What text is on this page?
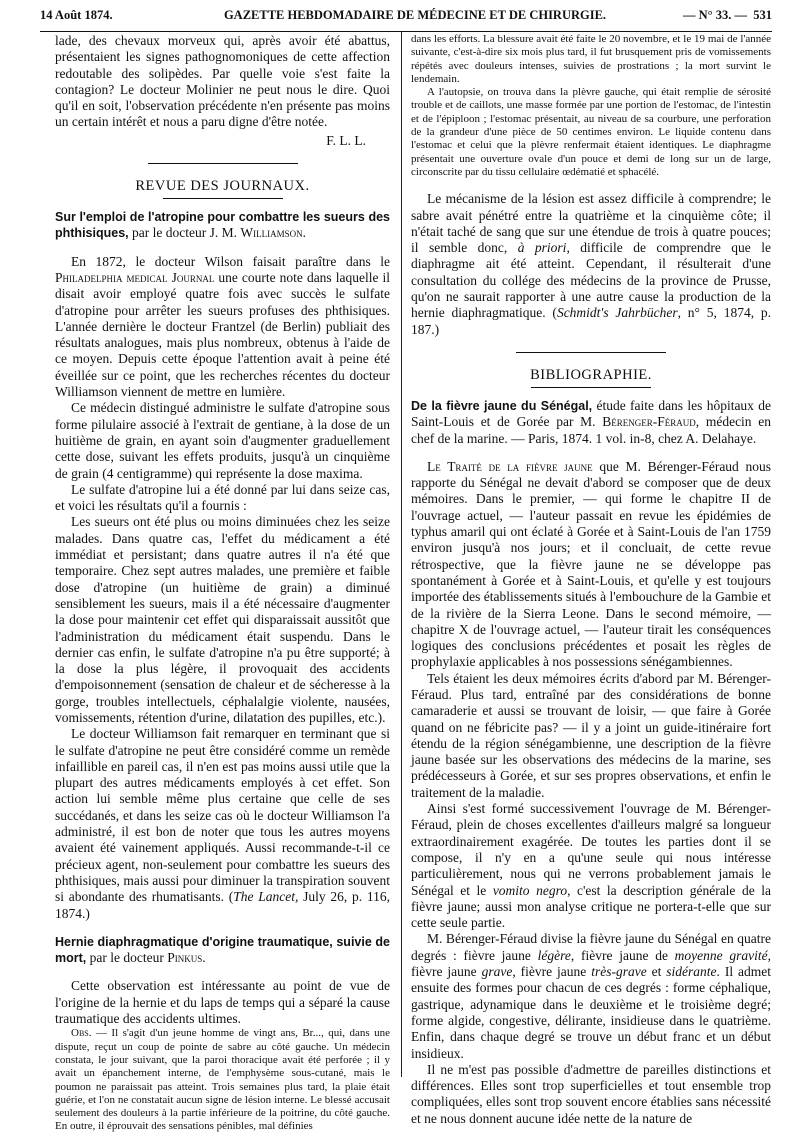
14 Août 1874.	GAZETTE HEBDOMADAIRE DE MÉDECINE ET DE CHIRURGIE.	— N° 33. — 531

lade, des chevaux morveux qui, après avoir été abattus, présentaient les signes pathognomoniques de cette affection redoutable des solipèdes. Par quelle voie s'est faite la contagion? Le docteur Molinier ne peut nous le dire. Quoi qu'il en soit, l'observation précédente n'en présente pas moins un certain intérêt et nous a paru digne d'être notée.

F. L. L.

REVUE DES JOURNAUX.

Sur l'emploi de l'atropine pour combattre les sueurs des phthisiques, par le docteur J. M. Williamson.

En 1872, le docteur Wilson faisait paraître dans le Philadelphia medical Journal une courte note dans laquelle il disait avoir employé quatre fois avec succès le sulfate d'atropine pour arrêter les sueurs profuses des phthisiques. L'année dernière le docteur Frantzel (de Berlin) publiait des résultats analogues, mais plus nombreux, obtenus à l'aide de ce moyen. Depuis cette époque l'attention avait à peine été éveillée sur ce point, que les recherches récentes du docteur Williamson viennent de mettre en lumière.

Ce médecin distingué administre le sulfate d'atropine sous forme pilulaire associé à l'extrait de gentiane, à la dose de un huitième de grain, en ayant soin d'augmenter graduellement cette dose, suivant les effets produits, jusqu'à un cinquième de grain (4 centigramme) qui représente la dose maxima.

Le sulfate d'atropine lui a été donné par lui dans seize cas, et voici les résultats qu'il a fournis :

Les sueurs ont été plus ou moins diminuées chez les seize malades. Dans quatre cas, l'effet du médicament a été immédiat et persistant; dans quatre autres il n'a été que temporaire. Chez sept autres malades, une première et faible dose d'atropine (un huitième de grain) a diminué sensiblement les sueurs, mais il a été nécessaire d'augmenter la dose pour maintenir cet effet qui disparaissait aussitôt que l'administration du médicament était suspendu. Dans le dernier cas enfin, le sulfate d'atropine n'a pu être supporté; à la dose la plus légère, il provoquait des accidents d'empoisonnement (sensation de chaleur et de sécheresse à la gorge, troubles intellectuels, céphalalgie violente, nausées, vomissements, rétention d'urine, dilatation des pupilles, etc.).

Le docteur Williamson fait remarquer en terminant que si le sulfate d'atropine ne peut être considéré comme un remède infaillible en pareil cas, il n'en est pas moins aussi utile que la plupart des autres médicaments employés à cet effet. Son action lui semble même plus certaine que celle de ses succédanés, et dans les seize cas où le docteur Williamson l'a administré, il est bon de noter que tous les autres moyens avaient été vainement appliqués. Aussi recommande-t-il ce précieux agent, non-seulement pour combattre les sueurs des phthisiques, mais aussi pour diminuer la transpiration souvent si abondante des rhumatisants. (The Lancet, July 26, p. 116, 1874.)

Hernie diaphragmatique d'origine traumatique, suivie de mort, par le docteur Pinkus.

Cette observation est intéressante au point de vue de l'origine de la hernie et du laps de temps qui a séparé la cause traumatique des accidents ultimes.

Obs. — Il s'agit d'un jeune homme de vingt ans, Br..., qui, dans une dispute, reçut un coup de pointe de sabre au côté gauche. Un médecin constata, le jour suivant, que la paroi thoracique avait été perforée ; il y avait un épanchement interne, de l'emphysème sous-cutané, mais le poumon ne paraissait pas atteint. Trois semaines plus tard, la plaie était guérie, et l'on ne constatait aucun signe de lésion interne. Le blessé accusait seulement des douleurs à la partie inférieure de la poitrine, du côté gauche. En outre, il éprouvait des sensations pénibles, mal définies

dans les efforts. La blessure avait été faite le 20 novembre, et le 19 mai de l'année suivante, c'est-à-dire six mois plus tard, il fut brusquement pris de vomissements répétés avec douleurs intenses, suivies de prostrations ; la mort survint le lendemain.

A l'autopsie, on trouva dans la plèvre gauche, qui était remplie de sérosité trouble et de caillots, une masse formée par une portion de l'estomac, de l'intestin et de l'épiploon ; l'estomac présentait, au niveau de sa courbure, une perforation de la grandeur d'une pièce de 50 centimes environ. Le liquide contenu dans l'estomac et celui que la plèvre renfermait étaient identiques. Le diaphragme présentait une ouverture ovale d'un pouce et demi de long sur un de large, circonscrite par du tissu cellulaire œdématié et sphacélé.

Le mécanisme de la lésion est assez difficile à comprendre; le sabre avait pénétré entre la quatrième et la cinquième côte; il n'était taché de sang que sur une étendue de trois à quatre pouces; il semble donc, à priori, difficile de comprendre que le diaphragme ait été atteint. Cependant, il résulterait d'une consultation du collége des médecins de la province de Prusse, qu'on ne saurait rapporter à une autre cause la production de la hernie diaphragmatique. (Schmidt's Jahrbücher, n° 5, 1874, p. 187.)

BIBLIOGRAPHIE.

De la fièvre jaune du Sénégal, étude faite dans les hôpitaux de Saint-Louis et de Gorée par M. Bérenger-Féraud, médecin en chef de la marine. — Paris, 1874. 1 vol. in-8, chez A. Delahaye.

Le Traité de la fièvre jaune que M. Bérenger-Féraud nous rapporte du Sénégal ne devait d'abord se composer que de deux mémoires. Dans le premier, — qui forme le chapitre II de l'ouvrage actuel, — l'auteur passait en revue les épidémies de typhus amaril qui ont éclaté à Gorée et à Saint-Louis de l'an 1759 environ jusqu'à nos jours; et il concluait, de cette revue rétrospective, que la fièvre jaune ne se développe pas spontanément à Gorée et à Saint-Louis, et qu'elle y est toujours importée des établissements situés à l'embouchure de la Gambie et de la rivière de la Sierra Leone. Dans le second mémoire, — chapitre X de l'ouvrage actuel, — l'auteur tirait les conséquences logiques des conclusions précédentes et posait les règles de prophylaxie applicables à nos possessions sénégambiennes.

Tels étaient les deux mémoires écrits d'abord par M. Bérenger-Féraud. Plus tard, entraîné par des considérations de bonne camaraderie et aussi se trouvant de loisir, — que faire à Gorée quand on ne fébricite pas? — il y a joint un guide-itinéraire fort étendu de la région sénégambienne, une description de la fièvre jaune basée sur les observations des médecins de la marine, ses prédécesseurs à Gorée, et sur ses propres observations, et enfin le traitement de la maladie.

Ainsi s'est formé successivement l'ouvrage de M. Bérenger-Féraud, plein de choses excellentes d'ailleurs malgré sa longueur extraordinairement exagérée. De toutes les parties dont il se compose, il n'y en a qu'une seule qui nous intéresse particulièrement, nous qui ne verrons probablement jamais le Sénégal et le vomito negro, c'est la description générale de la fièvre jaune; aussi mon analyse critique ne portera-t-elle que sur cette seule partie.

M. Bérenger-Féraud divise la fièvre jaune du Sénégal en quatre degrés : fièvre jaune légère, fièvre jaune de moyenne gravité, fièvre jaune grave, fièvre jaune très-grave et sidérante. Il admet ensuite des formes pour chacun de ces degrés : forme céphalique, gastrique, adynamique dans le deuxième et le troisième degré; forme algide, congestive, délirante, insidieuse dans le quatrième. Enfin, dans chaque degré se trouve un début franc et un début insidieux.

Il ne m'est pas possible d'admettre de pareilles distinctions et différences. Elles sont trop superficielles et tout ensemble trop compliquées, elles sont trop souvent encore établies sans nécessité et ne nous donnent aucune idée nette de la nature de
